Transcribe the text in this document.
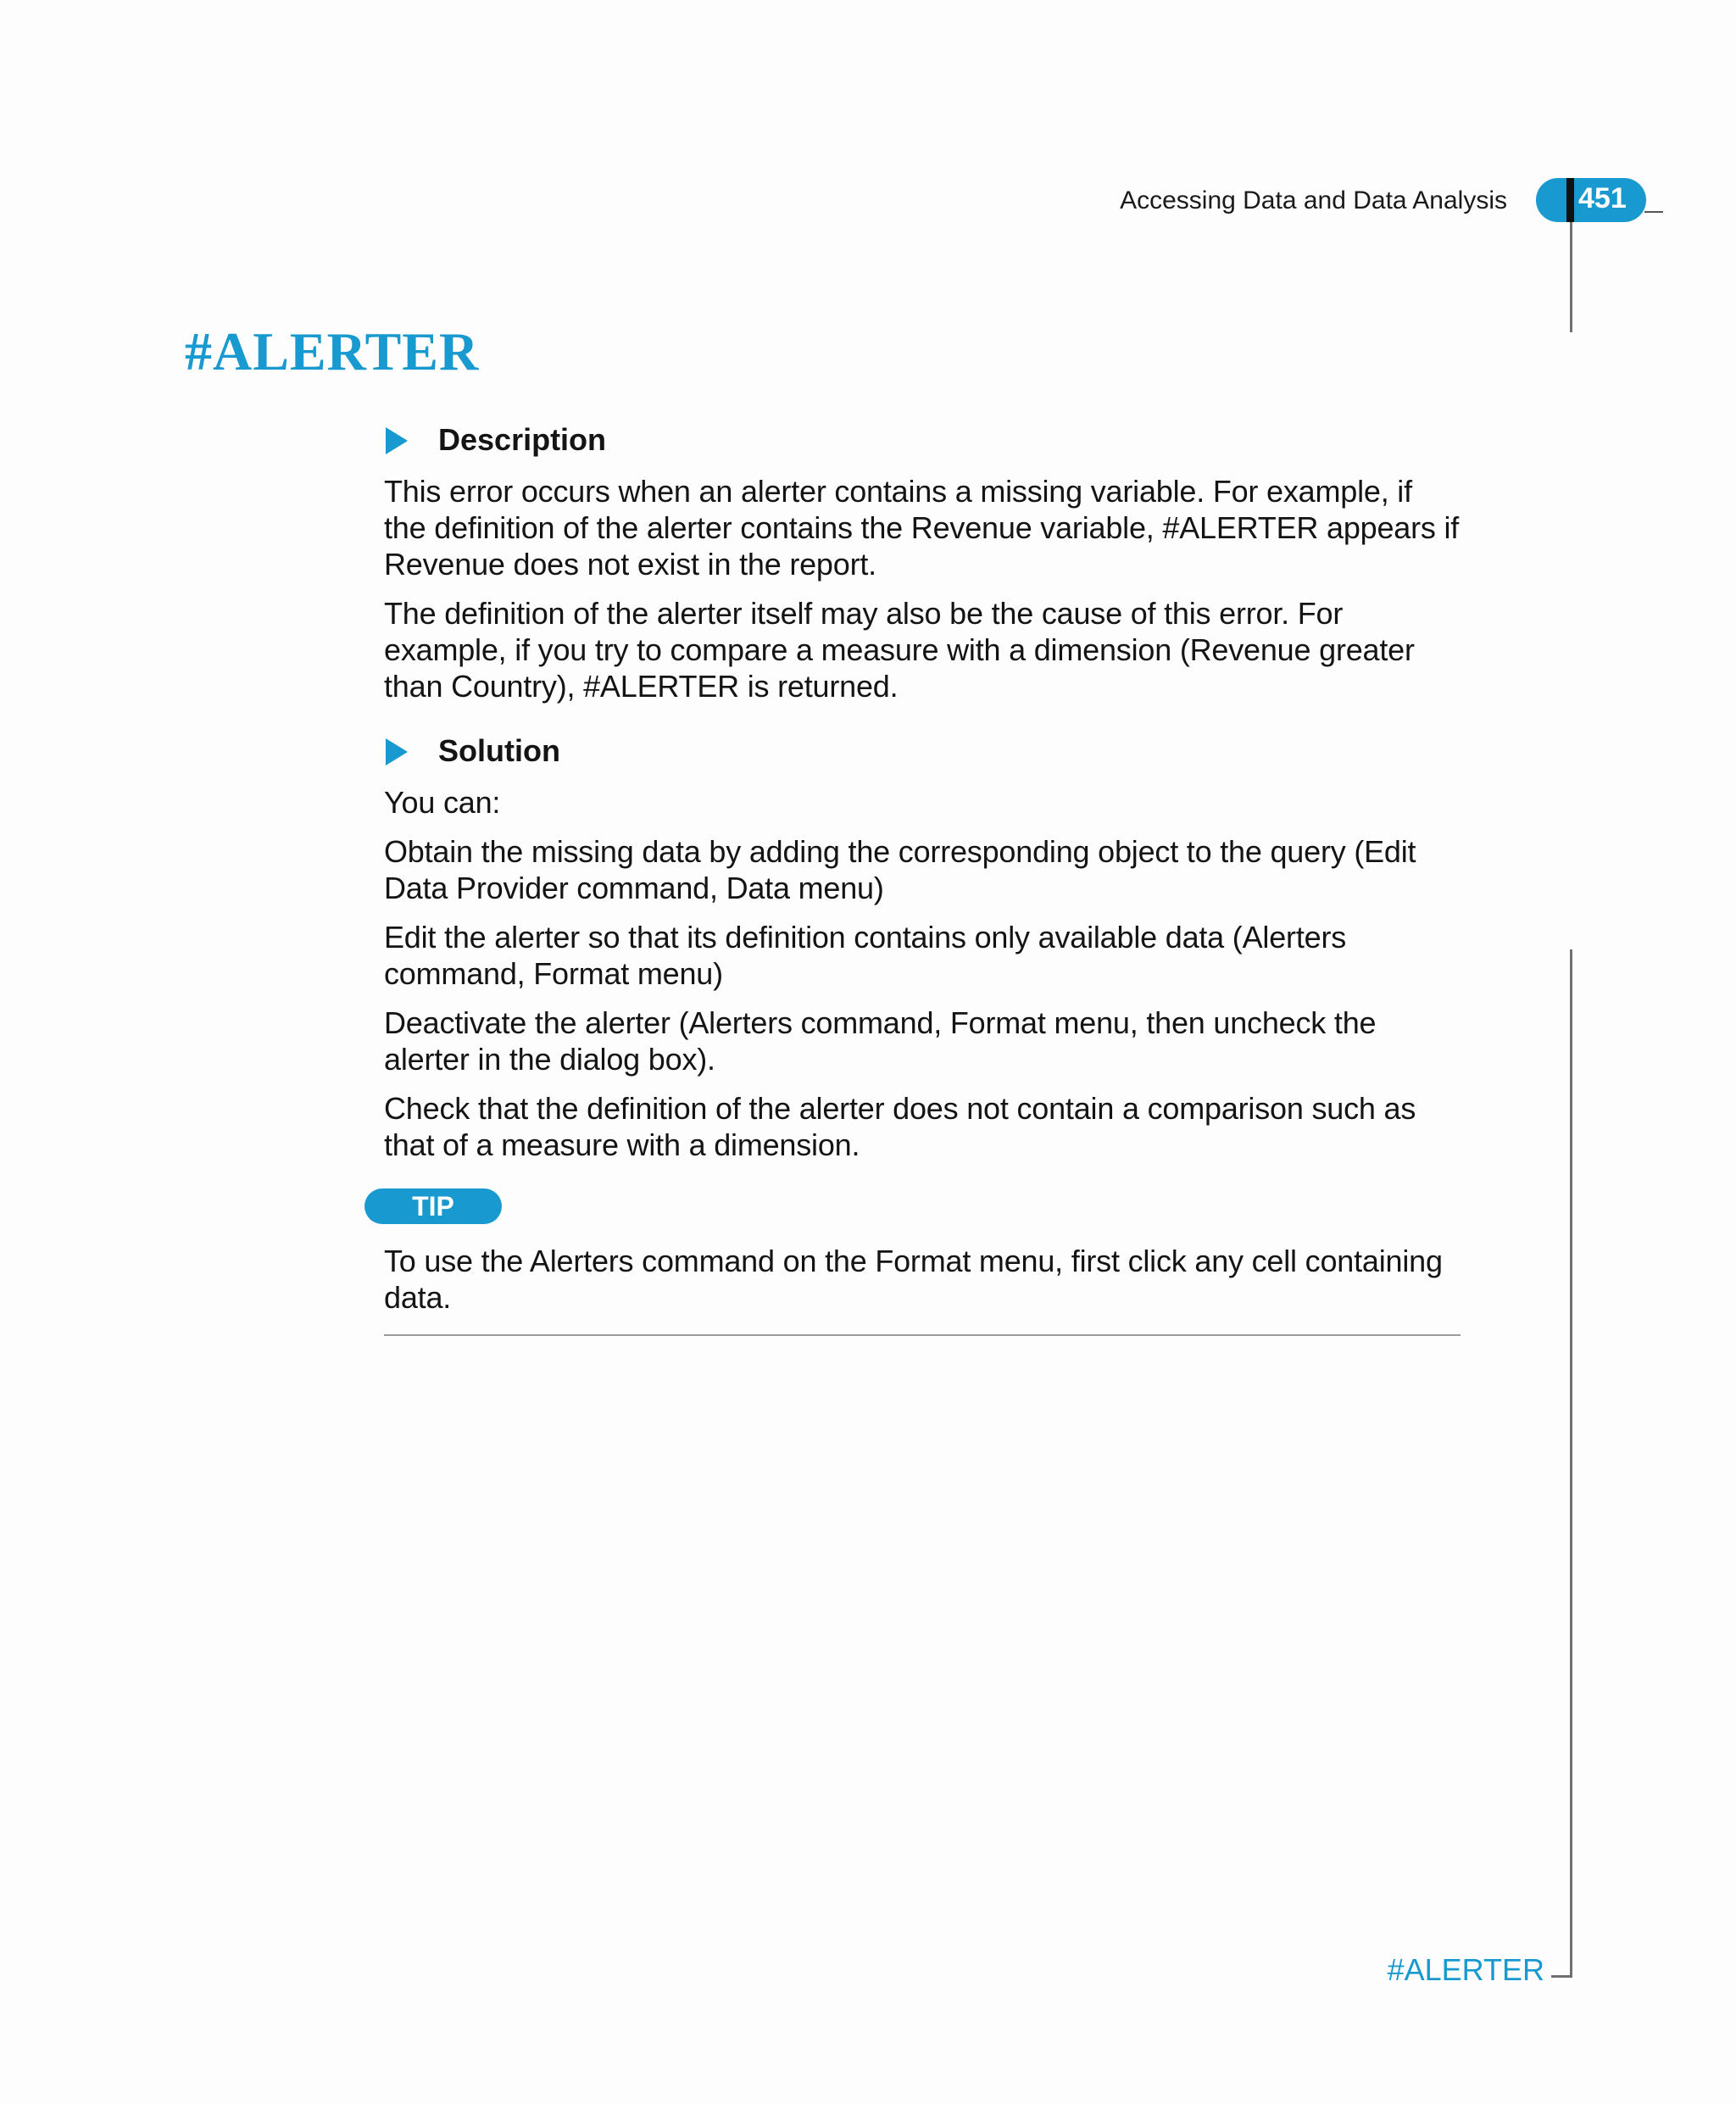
Accessing Data and Data Analysis 451
#ALERTER
Description

This error occurs when an alerter contains a missing variable. For example, if the definition of the alerter contains the Revenue variable, #ALERTER appears if Revenue does not exist in the report.

The definition of the alerter itself may also be the cause of this error. For example, if you try to compare a measure with a dimension (Revenue greater than Country), #ALERTER is returned.

Solution

You can:

Obtain the missing data by adding the corresponding object to the query (Edit Data Provider command, Data menu)

Edit the alerter so that its definition contains only available data (Alerters command, Format menu)

Deactivate the alerter (Alerters command, Format menu, then uncheck the alerter in the dialog box).

Check that the definition of the alerter does not contain a comparison such as that of a measure with a dimension.

TIP

To use the Alerters command on the Format menu, first click any cell containing data.

#ALERTER
